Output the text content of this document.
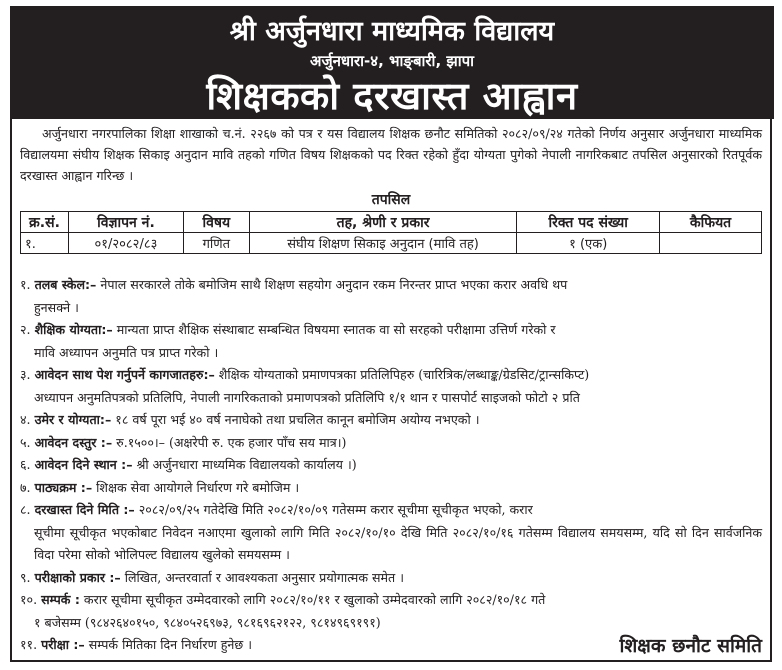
श्री अर्जुनधारा माध्यमिक विद्यालय
अर्जुनधारा-४, भाङ्बारी, झापा
शिक्षकको दरखास्त आह्वान

अर्जुनधारा नगरपालिका शिक्षा शाखाको च.नं. २२६७ को पत्र र यस विद्यालय शिक्षक छनौट समितिको २०८२/०९/२४ गतेको निर्णय अनुसार अर्जुनधारा माध्यमिक विद्यालयमा संघीय शिक्षक सिकाइ अनुदान मावि तहको गणित विषय शिक्षकको पद रिक्त रहेको हुँदा योग्यता पुगेको नेपाली नागरिकबाट तपसिल अनुसारको रितपूर्वक दरखास्त आह्वान गरिन्छ ।

तपसिल
क्र.सं.	विज्ञापन नं.	विषय	तह, श्रेणी र प्रकार	रिक्त पद संख्या	कैफियत
१.	०१/२०८२/८३	गणित	संघीय शिक्षण सिकाइ अनुदान (मावि तह)	१ (एक)	
१. तलब स्केल:– नेपाल सरकारले तोके बमोजिम साथै शिक्षण सहयोग अनुदान रकम निरन्तर प्राप्त भएका करार अवधि थप
हुनसक्ने ।
२. शैक्षिक योग्यता:– मान्यता प्राप्त शैक्षिक संस्थाबाट सम्बन्धित विषयमा स्नातक वा सो सरहको परीक्षामा उत्तिर्ण गरेको र
मावि अध्यापन अनुमति पत्र प्राप्त गरेको ।
३. आवेदन साथ पेश गर्नुपर्ने कागजातहरु:– शैक्षिक योग्यताको प्रमाणपत्रका प्रतिलिपिहरु (चारित्रिक/लब्धाङ्क/ग्रेडसिट/ट्रान्सकिप्ट)
अध्यापन अनुमतिपत्रको प्रतिलिपि, नेपाली नागरिकताको प्रमाणपत्रको प्रतिलिपि १/१ थान र पासपोर्ट साइजको फोटो २ प्रति
४. उमेर र योग्यता:– १८ वर्ष पूरा भई ४० वर्ष ननाघेको तथा प्रचलित कानून बमोजिम अयोग्य नभएको ।
५. आवेदन दस्तुर :– रु.१५००।– (अक्षरेपी रु. एक हजार पाँच सय मात्र।)
६. आवेदन दिने स्थान :– श्री अर्जुनधारा माध्यमिक विद्यालयको कार्यालय ।)
७. पाठ्यक्रम :– शिक्षक सेवा आयोगले निर्धारण गरे बमोजिम ।
८. दरखास्त दिने मिति :– २०८२/०९/२५ गतेदेखि मिति २०८२/१०/०९ गतेसम्म करार सूचीमा सूचीकृत भएको, करार
सूचीमा सूचीकृत भएकोबाट निवेदन नआएमा खुलाको लागि मिति २०८२/१०/१० देखि मिति २०८२/१०/१६ गतेसम्म विद्यालय समयसम्म, यदि सो दिन सार्वजनिक विदा परेमा सोको भोलिपल्ट विद्यालय खुलेको समयसम्म ।
९. परीक्षाको प्रकार :– लिखित, अन्तरवार्ता र आवश्यकता अनुसार प्रयोगात्मक समेत ।
१०. सम्पर्क : करार सूचीमा सूचीकृत उम्मेदवारको लागि २०८२/१०/११ र खुलाको उम्मेदवारको लागि २०८२/१०/१८ गते
१ बजेसम्म (९८४२६४०१५०, ९८४०५२६९७३, ९८१६९६२१२२, ९८१४९६९१९१)
११. परीक्षा :– सम्पर्क मितिका दिन निर्धारण हुनेछ ।	शिक्षक छनौट समिति
